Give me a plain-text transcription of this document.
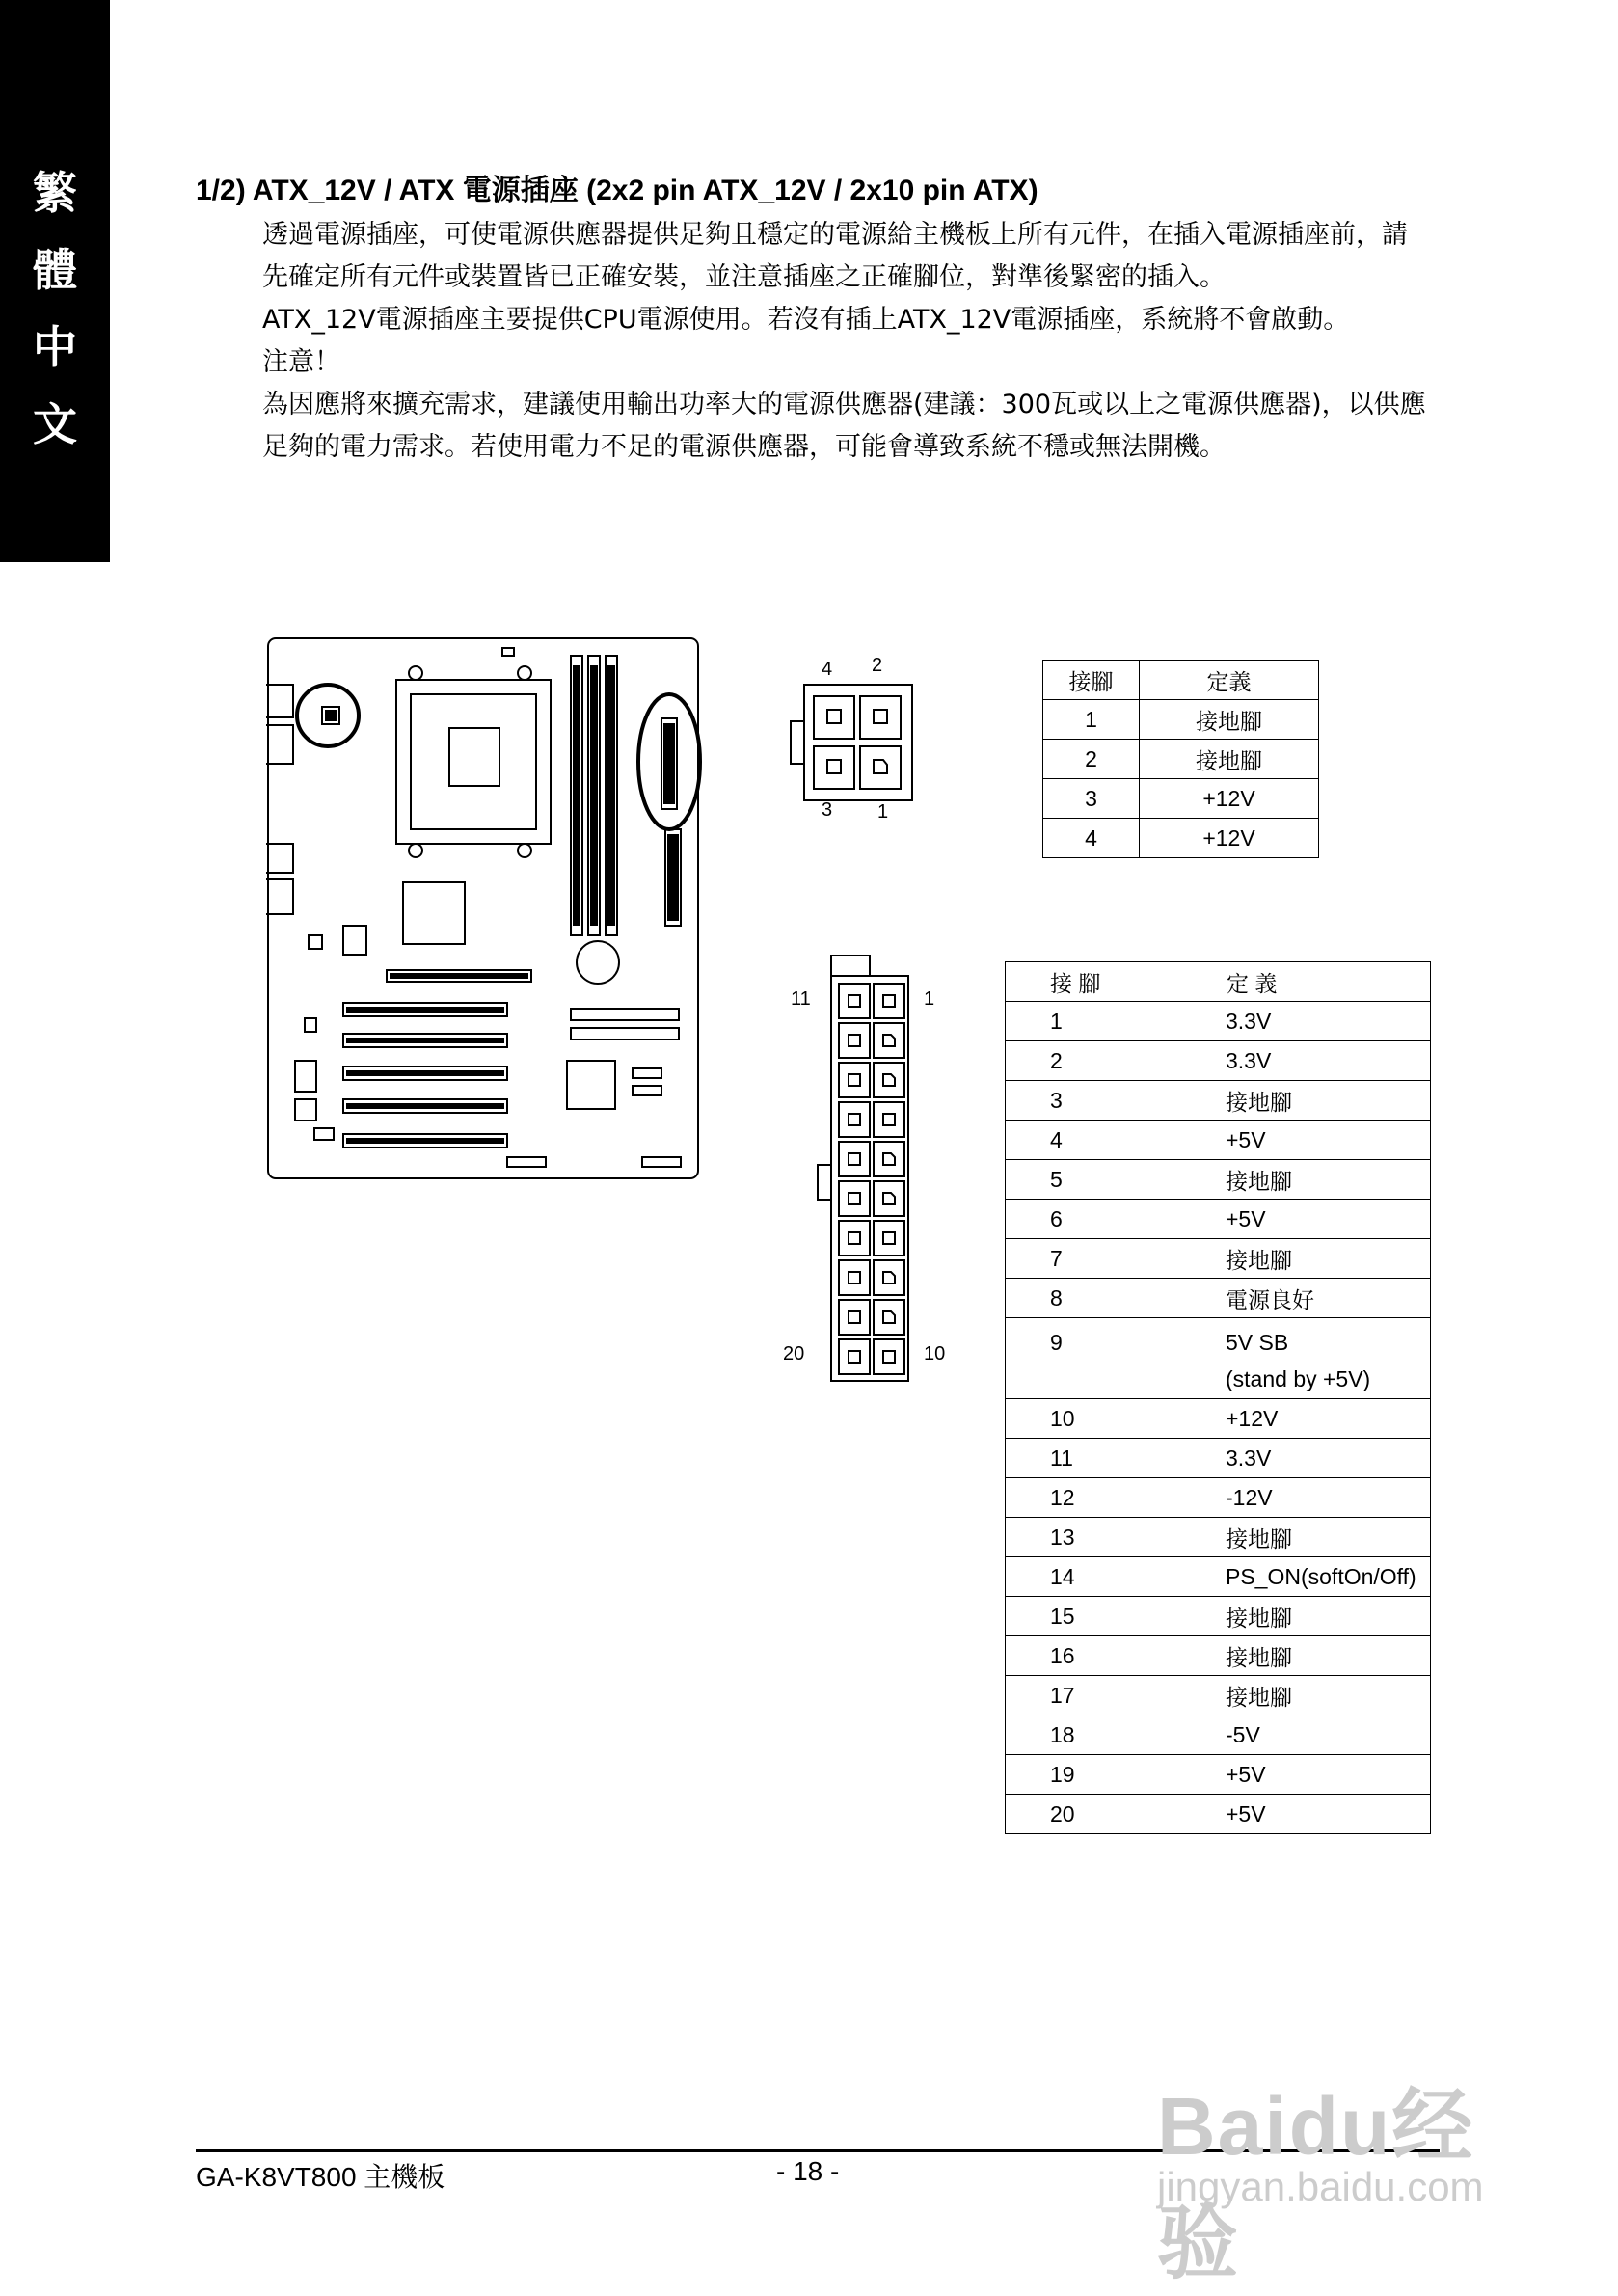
繁
體
中
文
1/2) ATX_12V / ATX 電源插座 (2x2 pin ATX_12V / 2x10 pin ATX)

透過電源插座，可使電源供應器提供足夠且穩定的電源給主機板上所有元件，在插入電源插座前，請先確定所有元件或裝置皆已正確安裝，並注意插座之正確腳位，對準後緊密的插入。

ATX_12V電源插座主要提供CPU電源使用。若沒有插上ATX_12V電源插座，系統將不會啟動。

注意！

為因應將來擴充需求，建議使用輸出功率大的電源供應器(建議：300瓦或以上之電源供應器)，以供應足夠的電力需求。若使用電力不足的電源供應器，可能會導致系統不穩或無法開機。

4 2
3 1
11	1
20	10
接腳	定義
1	接地腳
2	接地腳
3	+12V
4	+12V
接 腳	定 義
1	3.3V
2	3.3V
3	接地腳
4	+5V
5	接地腳
6	+5V
7	接地腳
8	電源良好
9	5V SB
(stand by +5V)

10	+12V
11	3.3V
12	-12V
13	接地腳
14	PS_ON(softOn/Off)
15	接地腳
16	接地腳
17	接地腳
18	-5V
19	+5V
20	+5V
GA-K8VT800 主機板	- 18 -	Baidu经验
jingyan.baidu.com
